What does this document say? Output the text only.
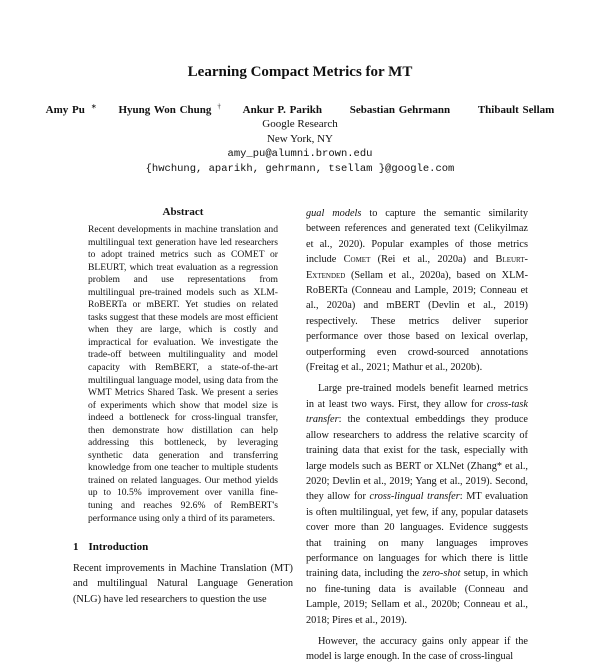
Learning Compact Metrics for MT
Amy Pu ∗ Hyung Won Chung † Ankur P. Parikh	Sebastian Gehrmann	Thibault Sellam
Google Research
New York, NY
amy_pu@alumni.brown.edu
{hwchung, aparikh, gehrmann, tsellam }@google.com
Abstract
Recent developments in machine translation and multilingual text generation have led researchers to adopt trained metrics such as COMET or BLEURT, which treat evaluation as a regression problem and use representations from multilingual pre-trained models such as XLM-RoBERTa or mBERT. Yet studies on related tasks suggest that these models are most efficient when they are large, which is costly and impractical for evaluation. We investigate the trade-off between multilinguality and model capacity with RemBERT, a state-of-the-art multilingual language model, using data from the WMT Metrics Shared Task. We present a series of experiments which show that model size is indeed a bottleneck for cross-lingual transfer, then demonstrate how distillation can help addressing this bottleneck, by leveraging synthetic data generation and transferring knowledge from one teacher to multiple students trained on related languages. Our method yields up to 10.5% improvement over vanilla fine-tuning and reaches 92.6% of RemBERT's performance using only a third of its parameters.
1 Introduction
Recent improvements in Machine Translation (MT) and multilingual Natural Language Generation (NLG) have led researchers to question the use

gual models to capture the semantic similarity between references and generated text (Celikyilmaz et al., 2020). Popular examples of those metrics include Comet (Rei et al., 2020a) and Bleurt-Extended (Sellam et al., 2020a), based on XLM-RoBERTa (Conneau and Lample, 2019; Conneau et al., 2020a) and mBERT (Devlin et al., 2019) respectively. These metrics deliver superior performance over those based on lexical overlap, outperforming even crowd-sourced annotations (Freitag et al., 2021; Mathur et al., 2020b).

Large pre-trained models benefit learned metrics in at least two ways. First, they allow for cross-task transfer: the contextual embeddings they produce allow researchers to address the relative scarcity of training data that exist for the task, especially with large models such as BERT or XLNet (Zhang* et al., 2020; Devlin et al., 2019; Yang et al., 2019). Second, they allow for cross-lingual transfer: MT evaluation is often multilingual, yet few, if any, popular datasets cover more than 20 languages. Evidence suggests that training on many languages improves performance on languages for which there is little training data, including the zero-shot setup, in which no fine-tuning data is available (Conneau and Lample, 2019; Sellam et al., 2020b; Conneau et al., 2018; Pires et al., 2019).

However, the accuracy gains only appear if the model is large enough. In the case of cross-lingual
